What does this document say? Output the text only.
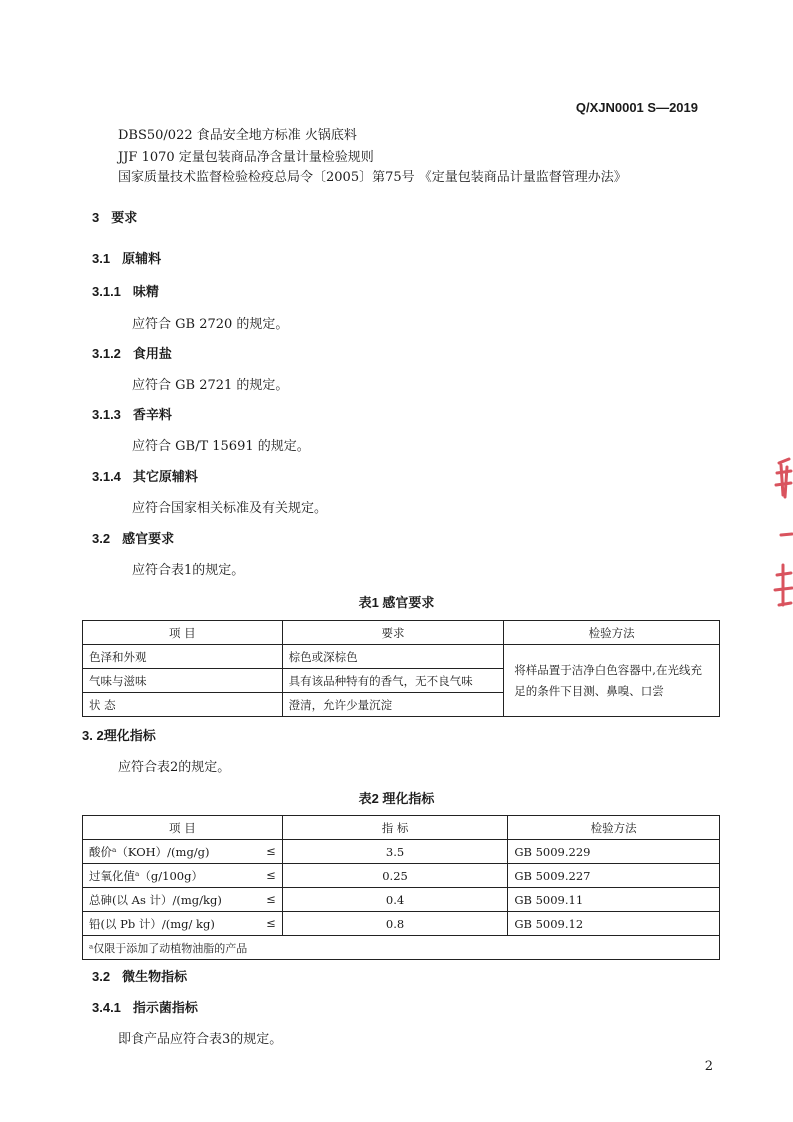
Q/XJN0001 S—2019
DBS50/022 食品安全地方标准 火锅底料
JJF 1070 定量包装商品净含量计量检验规则
国家质量技术监督检验检疫总局令〔2005〕第75号 《定量包装商品计量监督管理办法》
3 要求
3.1 原辅料
3.1.1 味精
应符合 GB 2720 的规定。
3.1.2 食用盐
应符合 GB 2721 的规定。
3.1.3 香辛料
应符合 GB/T 15691 的规定。
3.1.4 其它原辅料
应符合国家相关标准及有关规定。
3.2 感官要求
应符合表1的规定。
表1 感官要求
项 目	要求	检验方法
色泽和外观	棕色或深棕色	将样品置于洁净白色容器中,在光线充足的条件下目测、鼻嗅、口尝
气味与滋味	具有该品种特有的香气，无不良气味	
状 态	澄清，允许少量沉淀	
3. 2理化指标
应符合表2的规定。
表2 理化指标
项 目	指 标	检验方法
酸价ᵃ（KOH）/(mg/g) ≤	3.5	GB 5009.229
过氧化值ᵃ（g/100g） ≤	0.25	GB 5009.227
总砷(以 As 计）/(mg/kg) ≤	0.4	GB 5009.11
铅(以 Pb 计）/(mg/ kg) ≤	0.8	GB 5009.12
ᵃ仅限于添加了动植物油脂的产品		
3.2 微生物指标
3.4.1 指示菌指标
即食产品应符合表3的规定。
2
